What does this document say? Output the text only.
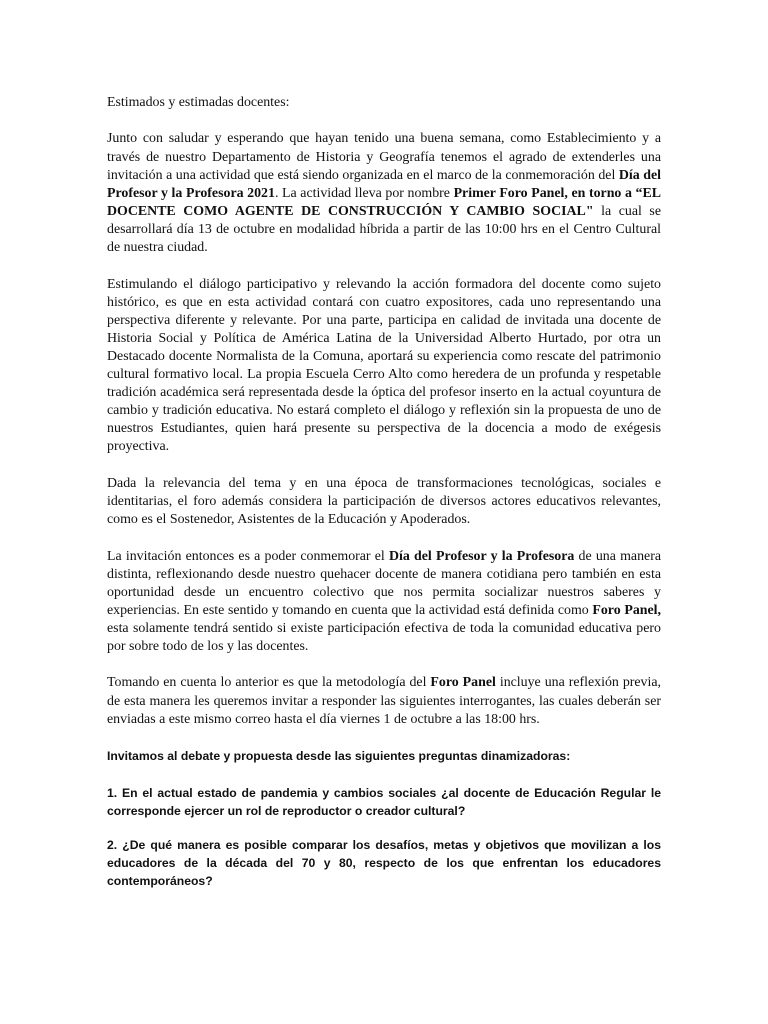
Estimados y estimadas docentes:

Junto con saludar y esperando que hayan tenido una buena semana, como Establecimiento y a través de nuestro Departamento de Historia y Geografía tenemos el agrado de extenderles una invitación a una actividad que está siendo organizada en el marco de la conmemoración del Día del Profesor y la Profesora 2021. La actividad lleva por nombre Primer Foro Panel, en torno a “EL DOCENTE COMO AGENTE DE CONSTRUCCIÓN Y CAMBIO SOCIAL" la cual se desarrollará día 13 de octubre en modalidad híbrida a partir de las 10:00 hrs en el Centro Cultural de nuestra ciudad.

Estimulando el diálogo participativo y relevando la acción formadora del docente como sujeto histórico, es que en esta actividad contará con cuatro expositores, cada uno representando una perspectiva diferente y relevante. Por una parte, participa en calidad de invitada una docente de Historia Social y Política de América Latina de la Universidad Alberto Hurtado, por otra un Destacado docente Normalista de la Comuna, aportará su experiencia como rescate del patrimonio cultural formativo local. La propia Escuela Cerro Alto como heredera de un profunda y respetable tradición académica será representada desde la óptica del profesor inserto en la actual coyuntura de cambio y tradición educativa. No estará completo el diálogo y reflexión sin la propuesta de uno de nuestros Estudiantes, quien hará presente su perspectiva de la docencia a modo de exégesis proyectiva.

Dada la relevancia del tema y en una época de transformaciones tecnológicas, sociales e identitarias, el foro además considera la participación de diversos actores educativos relevantes, como es el Sostenedor, Asistentes de la Educación y Apoderados.

La invitación entonces es a poder conmemorar el Día del Profesor y la Profesora de una manera distinta, reflexionando desde nuestro quehacer docente de manera cotidiana pero también en esta oportunidad desde un encuentro colectivo que nos permita socializar nuestros saberes y experiencias. En este sentido y tomando en cuenta que la actividad está definida como Foro Panel, esta solamente tendrá sentido si existe participación efectiva de toda la comunidad educativa pero por sobre todo de los y las docentes.

Tomando en cuenta lo anterior es que la metodología del Foro Panel incluye una reflexión previa, de esta manera les queremos invitar a responder las siguientes interrogantes, las cuales deberán ser enviadas a este mismo correo hasta el día viernes 1 de octubre a las 18:00 hrs.

Invitamos al debate y propuesta desde las siguientes preguntas dinamizadoras:

1. En el actual estado de pandemia y cambios sociales ¿al docente de Educación Regular le corresponde ejercer un rol de reproductor o creador cultural?

2. ¿De qué manera es posible comparar los desafíos, metas y objetivos que movilizan a los educadores de la década del 70 y 80, respecto de los que enfrentan los educadores contemporáneos?
